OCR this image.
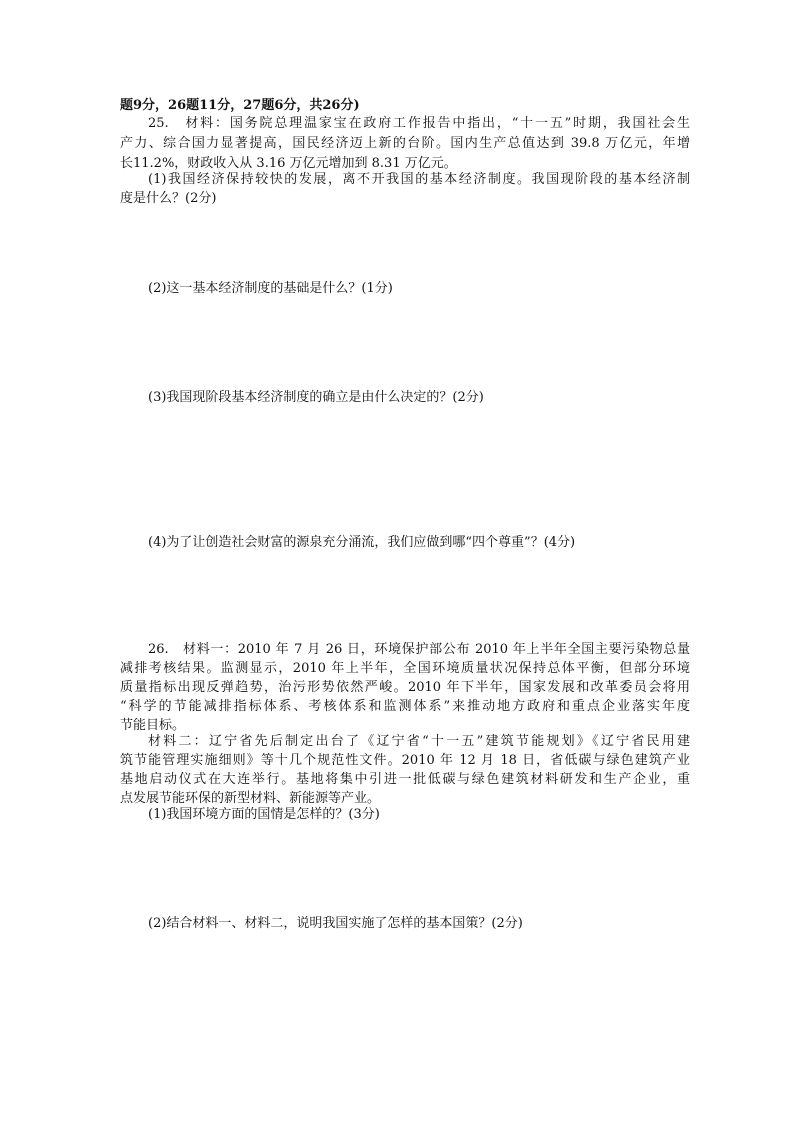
题9分，26题11分，27题6分，共26分)
25.　材料：国务院总理温家宝在政府工作报告中指出，“十一五”时期，我国社会生
产力、综合国力显著提高，国民经济迈上新的台阶。国内生产总值达到 39.8 万亿元，年增
长11.2%，财政收入从 3.16 万亿元增加到 8.31 万亿元。
(1)我国经济保持较快的发展，离不开我国的基本经济制度。我国现阶段的基本经济制
度是什么？(2分)
(2)这一基本经济制度的基础是什么？(1分)
(3)我国现阶段基本经济制度的确立是由什么决定的？(2分)
(4)为了让创造社会财富的源泉充分涌流，我们应做到哪“四个尊重”？(4分)
26.　材料一：2010 年 7 月 26 日，环境保护部公布 2010 年上半年全国主要污染物总量
减排考核结果。监测显示，2010 年上半年，全国环境质量状况保持总体平衡，但部分环境
质量指标出现反弹趋势，治污形势依然严峻。2010 年下半年，国家发展和改革委员会将用
“科学的节能减排指标体系、考核体系和监测体系”来推动地方政府和重点企业落实年度
节能目标。
材料二：辽宁省先后制定出台了《辽宁省“十一五”建筑节能规划》《辽宁省民用建
筑节能管理实施细则》等十几个规范性文件。2010 年 12 月 18 日，省低碳与绿色建筑产业
基地启动仪式在大连举行。基地将集中引进一批低碳与绿色建筑材料研发和生产企业，重
点发展节能环保的新型材料、新能源等产业。
(1)我国环境方面的国情是怎样的？(3分)
(2)结合材料一、材料二，说明我国实施了怎样的基本国策？(2分)
